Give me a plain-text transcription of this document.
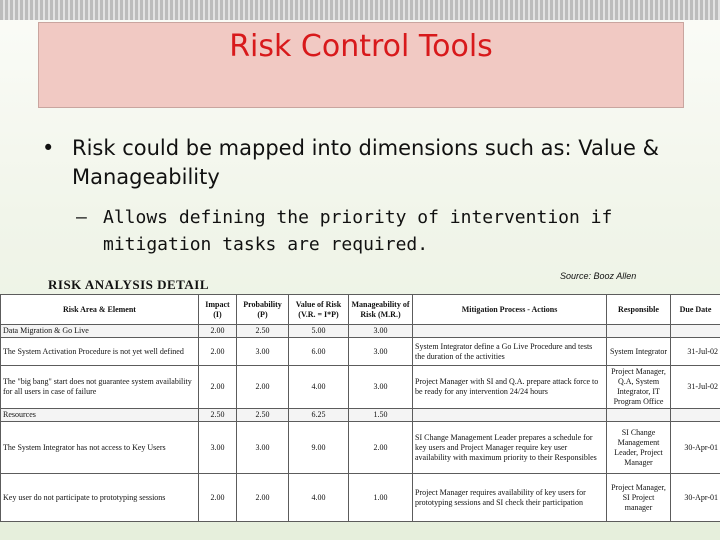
Risk Control Tools
• Risk could be mapped into dimensions such as: Value & Manageability
– Allows defining the priority of intervention if mitigation tasks are required.
RISK ANALYSIS DETAIL
Source: Booz Allen
Risk Area & Element	Impact (I)	Probability (P)	Value of Risk (V.R. = I*P)	Manageability of Risk (M.R.)	Mitigation Process - Actions	Responsible	Due Date
Data Migration & Go Live	2.00	2.50	5.00	3.00			
The System Activation Procedure is not yet well defined	2.00	3.00	6.00	3.00	System Integrator define a Go Live Procedure and tests the duration of the activities	System Integrator	31-Jul-02
The "big bang" start does not guarantee system availability for all users in case of failure	2.00	2.00	4.00	3.00	Project Manager with SI and Q.A. prepare attack force to be ready for any intervention 24/24 hours	Project Manager, Q.A, System Integrator, IT Program Office	31-Jul-02
Resources	2.50	2.50	6.25	1.50			
The System Integrator has not access to Key Users	3.00	3.00	9.00	2.00	SI Change Management Leader prepares a schedule for key users and Project Manager require key user availability with maximum priority to their Responsibles	SI Change Management Leader, Project Manager	30-Apr-01
Key user do not participate to prototyping sessions	2.00	2.00	4.00	1.00	Project Manager requires availability of key users for prototyping sessions and SI check their participation	Project Manager, SI Project manager	30-Apr-01
